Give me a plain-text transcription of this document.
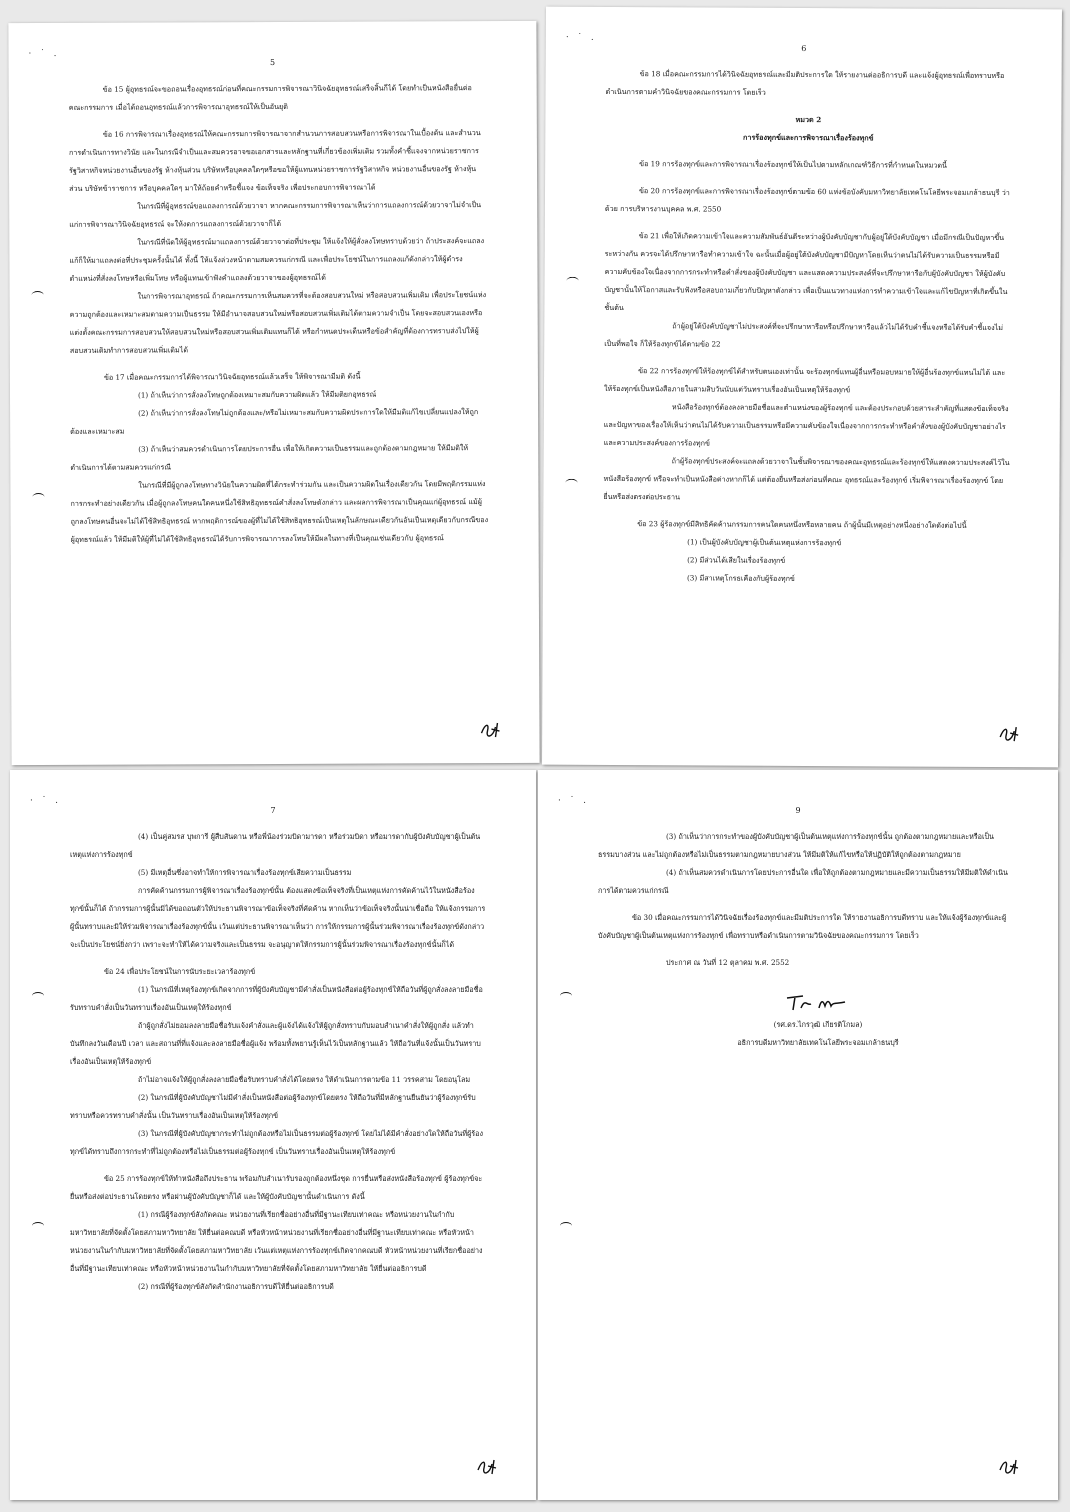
· ˙ .
5

ข้อ 15 ผู้อุทธรณ์จะขอถอนเรื่องอุทธรณ์ก่อนที่คณะกรรมการพิจารณาวินิจฉัยอุทธรณ์เสร็จสิ้นก็ได้ โดยทำเป็นหนังสือยื่นต่อคณะกรรมการ เมื่อได้ถอนอุทธรณ์แล้วการพิจารณาอุทธรณ์ให้เป็นอันยุติ

ข้อ 16 การพิจารณาเรื่องอุทธรณ์ให้คณะกรรมการพิจารณาจากสำนวนการสอบสวนหรือการพิจารณาในเบื้องต้น และสำนวนการดำเนินการทางวินัย และในกรณีจำเป็นและสมควรอาจขอเอกสารและหลักฐานที่เกี่ยวข้องเพิ่มเติม รวมทั้งคำชี้แจงจากหน่วยราชการรัฐวิสาหกิจหน่วยงานอื่นของรัฐ ห้างหุ้นส่วน บริษัทหรือบุคคลใดๆหรือขอให้ผู้แทนหน่วยราชการรัฐวิสาหกิจ หน่วยงานอื่นของรัฐ ห้างหุ้นส่วน บริษัทข้าราชการ หรือบุคคลใดๆ มาให้ถ้อยคำหรือชี้แจง ข้อเท็จจริง เพื่อประกอบการพิจารณาได้

ในกรณีที่ผู้อุทธรณ์ขอแถลงการณ์ด้วยวาจา หากคณะกรรมการพิจารณาเห็นว่าการแถลงการณ์ด้วยวาจาไม่จำเป็นแก่การพิจารณาวินิจฉัยอุทธรณ์ จะให้งดการแถลงการณ์ด้วยวาจาก็ได้

ในกรณีที่นัดให้ผู้อุทธรณ์มาแถลงการณ์ด้วยวาจาต่อที่ประชุม ให้แจ้งให้ผู้สั่งลงโทษทราบด้วยว่า ถ้าประสงค์จะแถลงแก้ก็ให้มาแถลงต่อที่ประชุมครั้งนั้นได้ ทั้งนี้ ให้แจ้งล่วงหน้าตามสมควรแก่กรณี และเพื่อประโยชน์ในการแถลงแก้ดังกล่าวให้ผู้ดำรงตำแหน่งที่สั่งลงโทษหรือเพิ่มโทษ หรือผู้แทนเข้าฟังคำแถลงด้วยวาจาของผู้อุทธรณ์ได้

ในการพิจารณาอุทธรณ์ ถ้าคณะกรรมการเห็นสมควรที่จะต้องสอบสวนใหม่ หรือสอบสวนเพิ่มเติม เพื่อประโยชน์แห่งความถูกต้องและเหมาะสมตามความเป็นธรรม ให้มีอำนาจสอบสวนใหม่หรือสอบสวนเพิ่มเติมได้ตามความจำเป็น โดยจะสอบสวนเองหรือแต่งตั้งคณะกรรมการสอบสวนให้สอบสวนใหม่หรือสอบสวนเพิ่มเติมแทนก็ได้ หรือกำหนดประเด็นหรือข้อสำคัญที่ต้องการทราบส่งไปให้ผู้สอบสวนเดิมทำการสอบสวนเพิ่มเติมได้

ข้อ 17 เมื่อคณะกรรมการได้พิจารณาวินิจฉัยอุทธรณ์แล้วเสร็จ ให้พิจารณามีมติ ดังนี้

(1) ถ้าเห็นว่าการสั่งลงโทษถูกต้องเหมาะสมกับความผิดแล้ว ให้มีมติยกอุทธรณ์

(2) ถ้าเห็นว่าการสั่งลงโทษไม่ถูกต้องและ/หรือไม่เหมาะสมกับความผิดประการใดให้มีมติแก้ไขเปลี่ยนแปลงให้ถูกต้องและเหมาะสม

(3) ถ้าเห็นว่าสมควรดำเนินการโดยประการอื่น เพื่อให้เกิดความเป็นธรรมและถูกต้องตามกฎหมาย ให้มีมติให้ดำเนินการได้ตามสมควรแก่กรณี

ในกรณีที่มีผู้ถูกลงโทษทางวินัยในความผิดที่ได้กระทำร่วมกัน และเป็นความผิดในเรื่องเดียวกัน โดยมีพฤติกรรมแห่งการกระทำอย่างเดียวกัน เมื่อผู้ถูกลงโทษคนใดคนหนึ่งใช้สิทธิอุทธรณ์คำสั่งลงโทษดังกล่าว และผลการพิจารณาเป็นคุณแก่ผู้อุทธรณ์ แม้ผู้ถูกลงโทษคนอื่นจะไม่ได้ใช้สิทธิอุทธรณ์ หากพฤติการณ์ของผู้ที่ไม่ได้ใช้สิทธิอุทธรณ์เป็นเหตุในลักษณะเดียวกันอันเป็นเหตุเดียวกับกรณีของผู้อุทธรณ์แล้ว ให้มีมติให้ผู้ที่ไม่ได้ใช้สิทธิอุทธรณ์ได้รับการพิจารณาการลงโทษให้มีผลในทางที่เป็นคุณเช่นเดียวกับ ผู้อุทธรณ์

· ˙ .
6

ข้อ 18 เมื่อคณะกรรมการได้วินิจฉัยอุทธรณ์และมีมติประการใด ให้รายงานต่ออธิการบดี และแจ้งผู้อุทธรณ์เพื่อทราบหรือดำเนินการตามคำวินิจฉัยของคณะกรรมการ โดยเร็ว

หมวด 2

การร้องทุกข์และการพิจารณาเรื่องร้องทุกข์

ข้อ 19 การร้องทุกข์และการพิจารณาเรื่องร้องทุกข์ให้เป็นไปตามหลักเกณฑ์วิธีการที่กำหนดในหมวดนี้

ข้อ 20 การร้องทุกข์และการพิจารณาเรื่องร้องทุกข์ตามข้อ 60 แห่งข้อบังคับมหาวิทยาลัยเทคโนโลยีพระจอมเกล้าธนบุรี ว่าด้วย การบริหารงานบุคคล พ.ศ. 2550

ข้อ 21 เพื่อให้เกิดความเข้าใจและความสัมพันธ์อันดีระหว่างผู้บังคับบัญชากับผู้อยู่ใต้บังคับบัญชา เมื่อมีกรณีเป็นปัญหาขึ้นระหว่างกัน ควรจะได้ปรึกษาหารือทำความเข้าใจ ฉะนั้นเมื่อผู้อยู่ใต้บังคับบัญชามีปัญหาโดยเห็นว่าตนไม่ได้รับความเป็นธรรมหรือมีความคับข้องใจเนื่องจากการกระทำหรือคำสั่งของผู้บังคับบัญชา และแสดงความประสงค์ที่จะปรึกษาหารือกับผู้บังคับบัญชา ให้ผู้บังคับบัญชานั้นให้โอกาสและรับฟังหรือสอบถามเกี่ยวกับปัญหาดังกล่าว เพื่อเป็นแนวทางแห่งการทำความเข้าใจและแก้ไขปัญหาที่เกิดขึ้นในชั้นต้น

ถ้าผู้อยู่ใต้บังคับบัญชาไม่ประสงค์ที่จะปรึกษาหารือหรือปรึกษาหารือแล้วไม่ได้รับคำชี้แจงหรือได้รับคำชี้แจงไม่เป็นที่พอใจ ก็ให้ร้องทุกข์ได้ตามข้อ 22

ข้อ 22 การร้องทุกข์ให้ร้องทุกข์ได้สำหรับตนเองเท่านั้น จะร้องทุกข์แทนผู้อื่นหรือมอบหมายให้ผู้อื่นร้องทุกข์แทนไม่ได้ และให้ร้องทุกข์เป็นหนังสือภายในสามสิบวันนับแต่วันทราบเรื่องอันเป็นเหตุให้ร้องทุกข์

หนังสือร้องทุกข์ต้องลงลายมือชื่อและตำแหน่งของผู้ร้องทุกข์ และต้องประกอบด้วยสาระสำคัญที่แสดงข้อเท็จจริงและปัญหาของเรื่องให้เห็นว่าตนไม่ได้รับความเป็นธรรมหรือมีความคับข้องใจเนื่องจากการกระทำหรือคำสั่งของผู้บังคับบัญชาอย่างไร และความประสงค์ของการร้องทุกข์

ถ้าผู้ร้องทุกข์ประสงค์จะแถลงด้วยวาจาในชั้นพิจารณาของคณะอุทธรณ์และร้องทุกข์ให้แสดงความประสงค์ไว้ในหนังสือร้องทุกข์ หรือจะทำเป็นหนังสือต่างหากก็ได้ แต่ต้องยื่นหรือส่งก่อนที่คณะ อุทธรณ์และร้องทุกข์ เริ่มพิจารณาเรื่องร้องทุกข์ โดยยื่นหรือส่งตรงต่อประธาน

ข้อ 23 ผู้ร้องทุกข์มีสิทธิคัดค้านกรรมการคนใดคนหนึ่งหรือหลายคน ถ้าผู้นั้นมีเหตุอย่างหนึ่งอย่างใดดังต่อไปนี้

(1) เป็นผู้บังคับบัญชาผู้เป็นต้นเหตุแห่งการร้องทุกข์

(2) มีส่วนได้เสียในเรื่องร้องทุกข์

(3) มีสาเหตุโกรธเคืองกับผู้ร้องทุกข์

· ˙ .
7

(4) เป็นคู่สมรส บุพการี ผู้สืบสันดาน หรือพี่น้องร่วมบิดามารดา หรือร่วมบิดา หรือมารดากับผู้บังคับบัญชาผู้เป็นต้นเหตุแห่งการร้องทุกข์

(5) มีเหตุอื่นซึ่งอาจทำให้การพิจารณาเรื่องร้องทุกข์เสียความเป็นธรรม

การคัดค้านกรรมการผู้พิจารณาเรื่องร้องทุกข์นั้น ต้องแสดงข้อเท็จจริงที่เป็นเหตุแห่งการคัดค้านไว้ในหนังสือร้องทุกข์นั้นก็ได้ ถ้ากรรมการผู้นั้นมิได้ขอถอนตัวให้ประธานพิจารณาข้อเท็จจริงที่คัดค้าน หากเห็นว่าข้อเท็จจริงนั้นน่าเชื่อถือ ให้แจ้งกรรมการผู้นั้นทราบและมิให้ร่วมพิจารณาเรื่องร้องทุกข์นั้น เว้นแต่ประธานพิจารณาเห็นว่า การให้กรรมการผู้นั้นร่วมพิจารณาเรื่องร้องทุกข์ดังกล่าวจะเป็นประโยชน์ยิ่งกว่า เพราะจะทำให้ได้ความจริงและเป็นธรรม จะอนุญาตให้กรรมการผู้นั้นร่วมพิจารณาเรื่องร้องทุกข์นั้นก็ได้

ข้อ 24 เพื่อประโยชน์ในการนับระยะเวลาร้องทุกข์

(1) ในกรณีที่เหตุร้องทุกข์เกิดจากการที่ผู้บังคับบัญชามีคำสั่งเป็นหนังสือต่อผู้ร้องทุกข์ให้ถือวันที่ผู้ถูกสั่งลงลายมือชื่อรับทราบคำสั่งเป็นวันทราบเรื่องอันเป็นเหตุให้ร้องทุกข์

ถ้าผู้ถูกสั่งไม่ยอมลงลายมือชื่อรับแจ้งคำสั่งและผู้แจ้งได้แจ้งให้ผู้ถูกสั่งทราบกับมอบสำเนาคำสั่งให้ผู้ถูกสั่ง แล้วทำบันทึกลงวันเดือนปี เวลา และสถานที่ที่แจ้งและลงลายมือชื่อผู้แจ้ง พร้อมทั้งพยานรู้เห็นไว้เป็นหลักฐานแล้ว ให้ถือวันที่แจ้งนั้นเป็นวันทราบเรื่องอันเป็นเหตุให้ร้องทุกข์

ถ้าไม่อาจแจ้งให้ผู้ถูกสั่งลงลายมือชื่อรับทราบคำสั่งได้โดยตรง ให้ดำเนินการตามข้อ 11 วรรคสาม โดยอนุโลม

(2) ในกรณีที่ผู้บังคับบัญชาไม่มีคำสั่งเป็นหนังสือต่อผู้ร้องทุกข์โดยตรง ให้ถือวันที่มีหลักฐานยืนยันว่าผู้ร้องทุกข์รับทราบหรือควรทราบคำสั่งนั้น เป็นวันทราบเรื่องอันเป็นเหตุให้ร้องทุกข์

(3) ในกรณีที่ผู้บังคับบัญชากระทำไม่ถูกต้องหรือไม่เป็นธรรมต่อผู้ร้องทุกข์ โดยไม่ได้มีคำสั่งอย่างใดให้ถือวันที่ผู้ร้องทุกข์ได้ทราบถึงการกระทำที่ไม่ถูกต้องหรือไม่เป็นธรรมต่อผู้ร้องทุกข์ เป็นวันทราบเรื่องอันเป็นเหตุให้ร้องทุกข์

ข้อ 25 การร้องทุกข์ให้ทำหนังสือถึงประธาน พร้อมกับสำเนารับรองถูกต้องหนึ่งชุด การยื่นหรือส่งหนังสือร้องทุกข์ ผู้ร้องทุกข์จะยื่นหรือส่งต่อประธานโดยตรง หรือผ่านผู้บังคับบัญชาก็ได้ และให้ผู้บังคับบัญชานั้นดำเนินการ ดังนี้

(1) กรณีผู้ร้องทุกข์สังกัดคณะ หน่วยงานที่เรียกชื่ออย่างอื่นที่มีฐานะเทียบเท่าคณะ หรือหน่วยงานในกำกับมหาวิทยาลัยที่จัดตั้งโดยสภามหาวิทยาลัย ให้ยื่นต่อคณบดี หรือหัวหน้าหน่วยงานที่เรียกชื่ออย่างอื่นที่มีฐานะเทียบเท่าคณะ หรือหัวหน้าหน่วยงานในกำกับมหาวิทยาลัยที่จัดตั้งโดยสภามหาวิทยาลัย เว้นแต่เหตุแห่งการร้องทุกข์เกิดจากคณบดี หัวหน้าหน่วยงานที่เรียกชื่ออย่างอื่นที่มีฐานะเทียบเท่าคณะ หรือหัวหน้าหน่วยงานในกำกับมหาวิทยาลัยที่จัดตั้งโดยสภามหาวิทยาลัย ให้ยื่นต่ออธิการบดี

(2) กรณีที่ผู้ร้องทุกข์สังกัดสำนักงานอธิการบดีให้ยื่นต่ออธิการบดี

· ˙ .
9

(3) ถ้าเห็นว่าการกระทำของผู้บังคับบัญชาผู้เป็นต้นเหตุแห่งการร้องทุกข์นั้น ถูกต้องตามกฎหมายและหรือเป็นธรรมบางส่วน และไม่ถูกต้องหรือไม่เป็นธรรมตามกฎหมายบางส่วน ให้มีมติให้แก้ไขหรือให้ปฏิบัติให้ถูกต้องตามกฎหมาย

(4) ถ้าเห็นสมควรดำเนินการโดยประการอื่นใด เพื่อให้ถูกต้องตามกฎหมายและมีความเป็นธรรมให้มีมติให้ดำเนินการได้ตามควรแก่กรณี

ข้อ 30 เมื่อคณะกรรมการได้วินิจฉัยเรื่องร้องทุกข์และมีมติประการใด ให้รายงานอธิการบดีทราบ และให้แจ้งผู้ร้องทุกข์และผู้บังคับบัญชาผู้เป็นต้นเหตุแห่งการร้องทุกข์ เพื่อทราบหรือดำเนินการตามวินิจฉัยของคณะกรรมการ โดยเร็ว

ประกาศ ณ วันที่ 12 ตุลาคม พ.ศ. 2552

(รศ.ดร.ไกรวุฒิ เกียรติโกมล)

อธิการบดีมหาวิทยาลัยเทคโนโลยีพระจอมเกล้าธนบุรี
